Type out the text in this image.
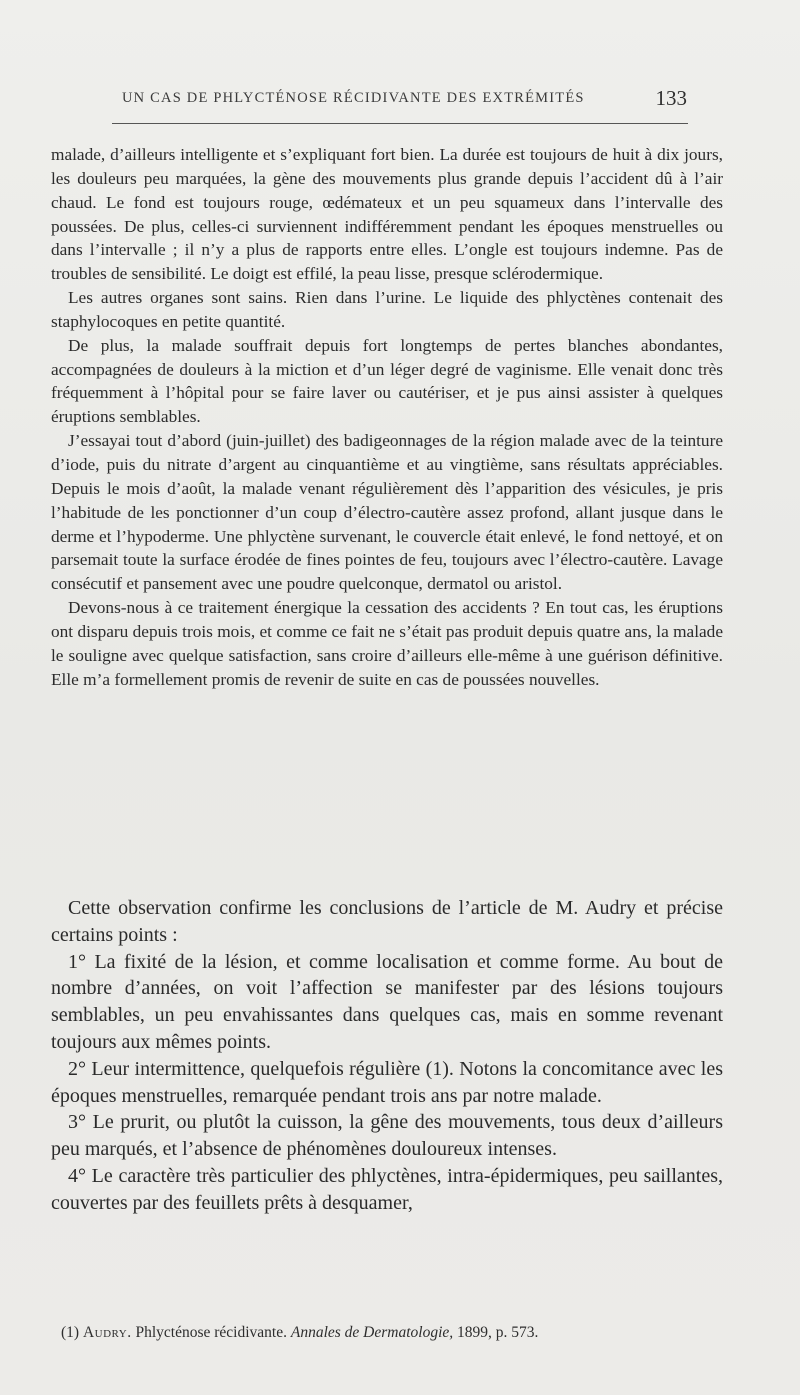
UN CAS DE PHLYCTÉNOSE RÉCIDIVANTE DES EXTRÉMITÉS	133

malade, d’ailleurs intelligente et s’expliquant fort bien. La durée est toujours de huit à dix jours, les douleurs peu marquées, la gène des mouvements plus grande depuis l’accident dû à l’air chaud. Le fond est toujours rouge, œdémateux et un peu squameux dans l’intervalle des poussées. De plus, celles-ci surviennent indifféremment pendant les époques menstruelles ou dans l’intervalle ; il n’y a plus de rapports entre elles. L’ongle est toujours indemne. Pas de troubles de sensibilité. Le doigt est effilé, la peau lisse, presque sclérodermique.

Les autres organes sont sains. Rien dans l’urine. Le liquide des phlyctènes contenait des staphylocoques en petite quantité.

De plus, la malade souffrait depuis fort longtemps de pertes blanches abondantes, accompagnées de douleurs à la miction et d’un léger degré de vaginisme. Elle venait donc très fréquemment à l’hôpital pour se faire laver ou cautériser, et je pus ainsi assister à quelques éruptions semblables.

J’essayai tout d’abord (juin-juillet) des badigeonnages de la région malade avec de la teinture d’iode, puis du nitrate d’argent au cinquantième et au vingtième, sans résultats appréciables. Depuis le mois d’août, la malade venant régulièrement dès l’apparition des vésicules, je pris l’habitude de les ponctionner d’un coup d’électro-cautère assez profond, allant jusque dans le derme et l’hypoderme. Une phlyctène survenant, le couvercle était enlevé, le fond nettoyé, et on parsemait toute la surface érodée de fines pointes de feu, toujours avec l’électro-cautère. Lavage consécutif et pansement avec une poudre quelconque, dermatol ou aristol.

Devons-nous à ce traitement énergique la cessation des accidents ? En tout cas, les éruptions ont disparu depuis trois mois, et comme ce fait ne s’était pas produit depuis quatre ans, la malade le souligne avec quelque satisfaction, sans croire d’ailleurs elle-même à une guérison définitive. Elle m’a formellement promis de revenir de suite en cas de poussées nouvelles.

Cette observation confirme les conclusions de l’article de M. Audry et précise certains points :

1° La fixité de la lésion, et comme localisation et comme forme. Au bout de nombre d’années, on voit l’affection se manifester par des lésions toujours semblables, un peu envahissantes dans quelques cas, mais en somme revenant toujours aux mêmes points.

2° Leur intermittence, quelquefois régulière (1). Notons la concomitance avec les époques menstruelles, remarquée pendant trois ans par notre malade.

3° Le prurit, ou plutôt la cuisson, la gêne des mouvements, tous deux d’ailleurs peu marqués, et l’absence de phénomènes douloureux intenses.

4° Le caractère très particulier des phlyctènes, intra-épidermiques, peu saillantes, couvertes par des feuillets prêts à desquamer,

(1) Audry. Phlycténose récidivante. Annales de Dermatologie, 1899, p. 573.
